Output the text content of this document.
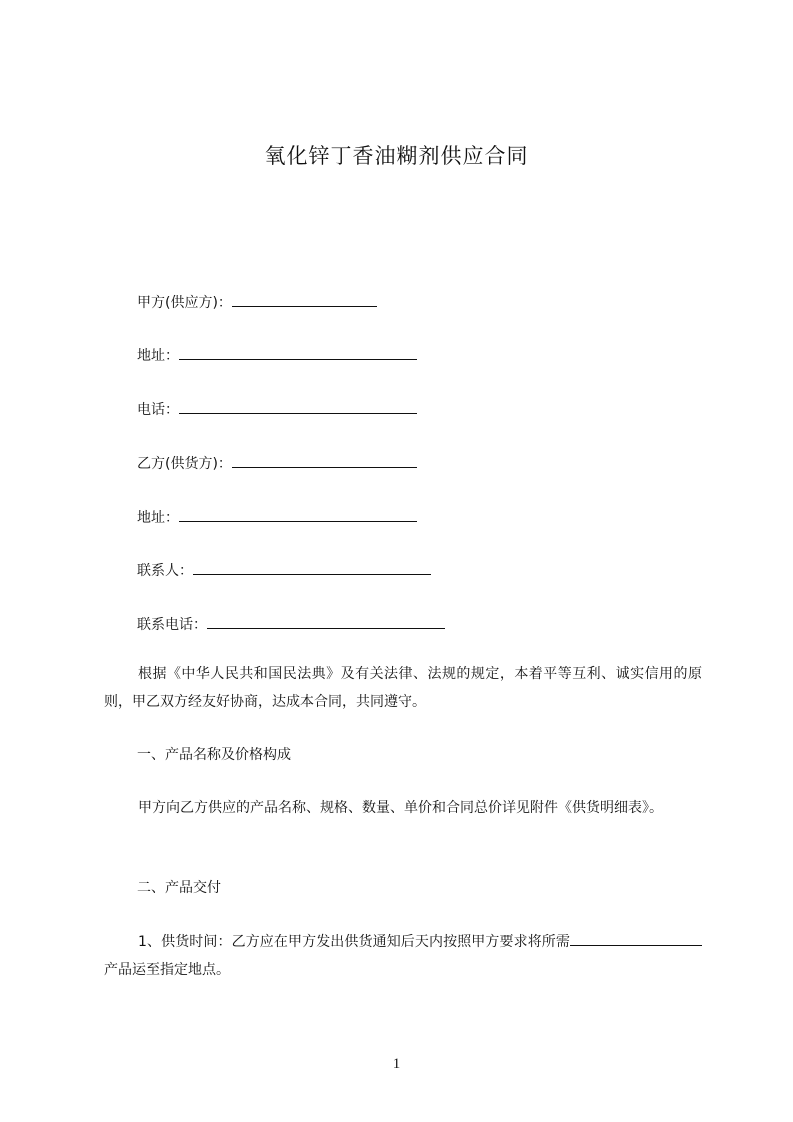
氧化锌丁香油糊剂供应合同
甲方(供应方)：
地址：
电话：
乙方(供货方)：
地址：
联系人：
联系电话：
根据《中华人民共和国民法典》及有关法律、法规的规定，本着平等互利、诚实信用的原则，甲乙双方经友好协商，达成本合同，共同遵守。
一、产品名称及价格构成
甲方向乙方供应的产品名称、规格、数量、单价和合同总价详见附件《供货明细表》。
二、产品交付
1、供货时间：乙方应在甲方发出供货通知后天内按照甲方要求将所需产品运至指定地点。
1
